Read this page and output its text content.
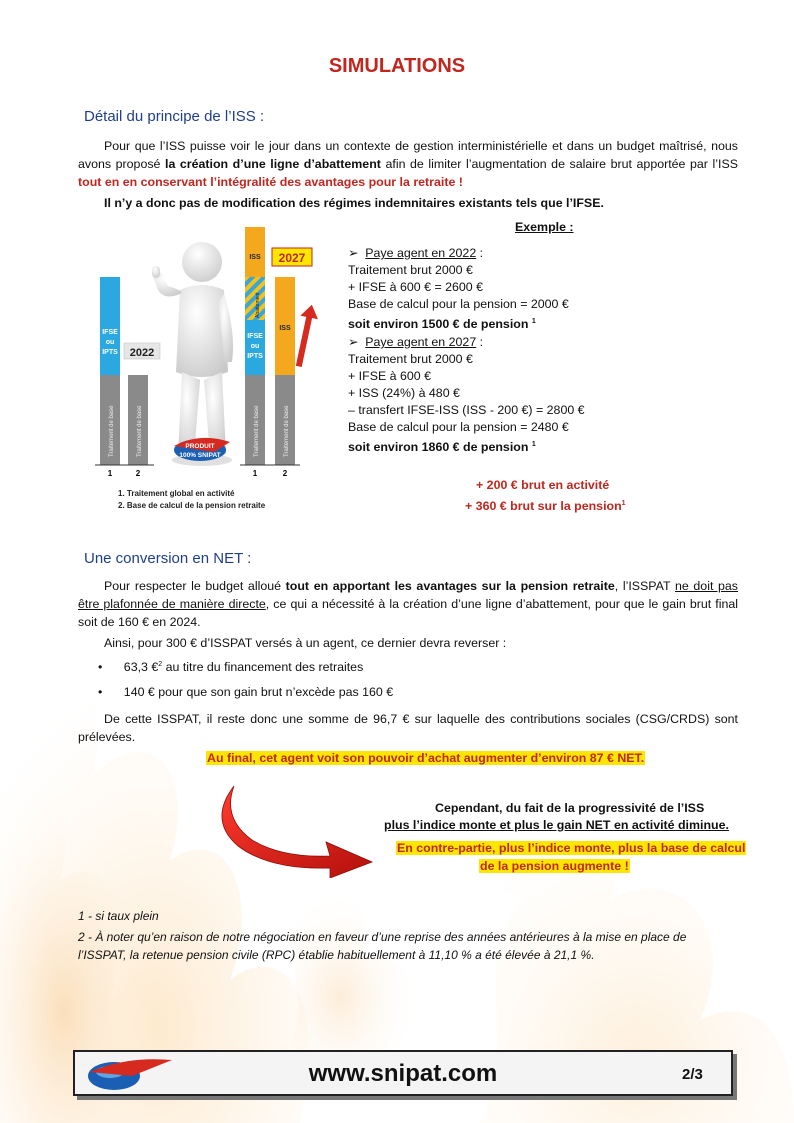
SIMULATIONS
Détail du principe de l’ISS :
Pour que l’ISS puisse voir le jour dans un contexte de gestion interministérielle et dans un budget maîtrisé, nous avons proposé la création d’une ligne d’abattement afin de limiter l’augmentation de salaire brut apportée par l’ISS tout en en conservant l’intégralité des avantages pour la retraite !
Il n’y a donc pas de modification des régimes indemnitaires existants tels que l’IFSE.
IFSE
ou
IPTS
Traitement de base	Traitement de base
2022
1	2
PRODUIT
100% SNIPAT
ISS
Abattement
IFSE
ou
IPTS
Traitement de base
ISS
Traitement de base
2027
1	2
1. Traitement global en activité
2. Base de calcul de la pension retraite
Exemple :
➢ Paye agent en 2022 :
Traitement brut 2000 €
+ IFSE à 600 € = 2600 €
Base de calcul pour la pension = 2000 €
soit environ 1500 € de pension $^1$
➢ Paye agent en 2027 :
Traitement brut 2000 €
+ IFSE à 600 €
+ ISS (24%) à 480 €
– transfert IFSE-ISS (ISS - 200 €) = 2800 €
Base de calcul pour la pension = 2480 €
soit environ 1860 € de pension $^1$
+ 200 € brut en activité
+ 360 € brut sur la pension$^1$
Une conversion en NET :
Pour respecter le budget alloué tout en apportant les avantages sur la pension retraite, l’ISSPAT ne doit pas être plafonnée de manière directe, ce qui a nécessité à la création d’une ligne d’abattement, pour que le gain brut final soit de 160 € en 2024.
Ainsi, pour 300 € d’ISSPAT versés à un agent, ce dernier devra reverser :
• 63,3 €$^2$ au titre du financement des retraites
• 140 € pour que son gain brut n’excède pas 160 €
De cette ISSPAT, il reste donc une somme de 96,7 € sur laquelle des contributions sociales (CSG/CRDS) sont prélevées.
Au final, cet agent voit son pouvoir d’achat augmenter d’environ 87 € NET.
Cependant, du fait de la progressivité de l’ISS
plus l’indice monte et plus le gain NET en activité diminue.
En contre-partie, plus l’indice monte, plus la base de calcul
de la pension augmente !
1 - si taux plein
2 - À noter qu’en raison de notre négociation en faveur d’une reprise des années antérieures à la mise en place de
l’ISSPAT, la retenue pension civile (RPC) établie habituellement à 11,10 % a été élevée à 21,1 %.
www.snipat.com	2/3
